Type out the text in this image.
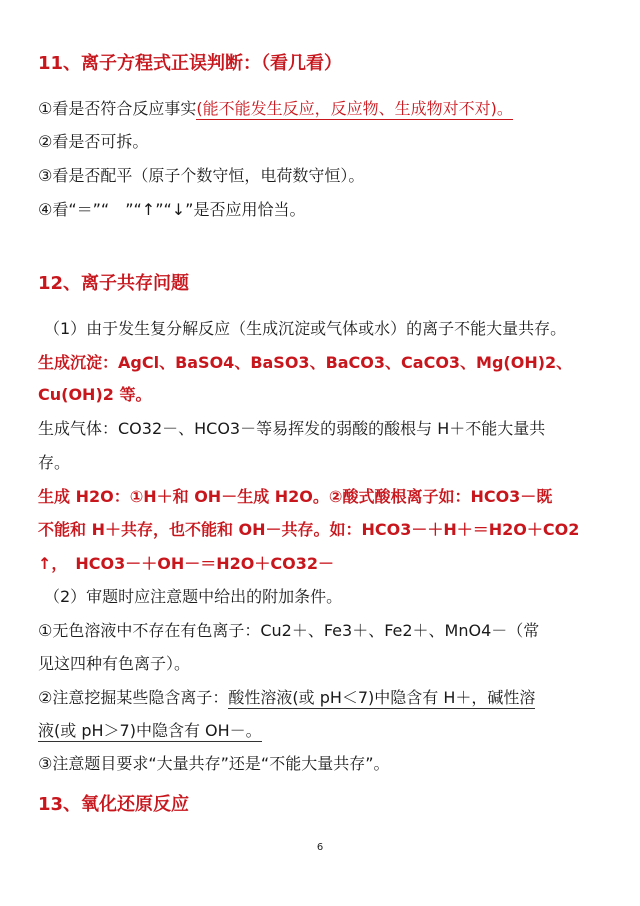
11、离子方程式正误判断：（看几看）
①看是否符合反应事实(能不能发生反应，反应物、生成物对不对)。
②看是否可拆。
③看是否配平（原子个数守恒，电荷数守恒）。
④看“＝”“　”“↑”“↓”是否应用恰当。
12、离子共存问题
（1）由于发生复分解反应（生成沉淀或气体或水）的离子不能大量共存。
生成沉淀：AgCl、BaSO4、BaSO3、BaCO3、CaCO3、Mg(OH)2、
Cu(OH)2 等。
生成气体：CO32－、HCO3－等易挥发的弱酸的酸根与 H＋不能大量共
存。
生成 H2O：①H＋和 OH－生成 H2O。②酸式酸根离子如：HCO3－既
不能和 H＋共存，也不能和 OH－共存。如：HCO3－＋H＋＝H2O＋CO2
↑，　HCO3－＋OH－＝H2O＋CO32－
（2）审题时应注意题中给出的附加条件。
①无色溶液中不存在有色离子：Cu2＋、Fe3＋、Fe2＋、MnO4－（常
见这四种有色离子）。
②注意挖掘某些隐含离子：酸性溶液(或 pH＜7)中隐含有 H＋，碱性溶
液(或 pH＞7)中隐含有 OH－。
③注意题目要求“大量共存”还是“不能大量共存”。
13、氧化还原反应
6
